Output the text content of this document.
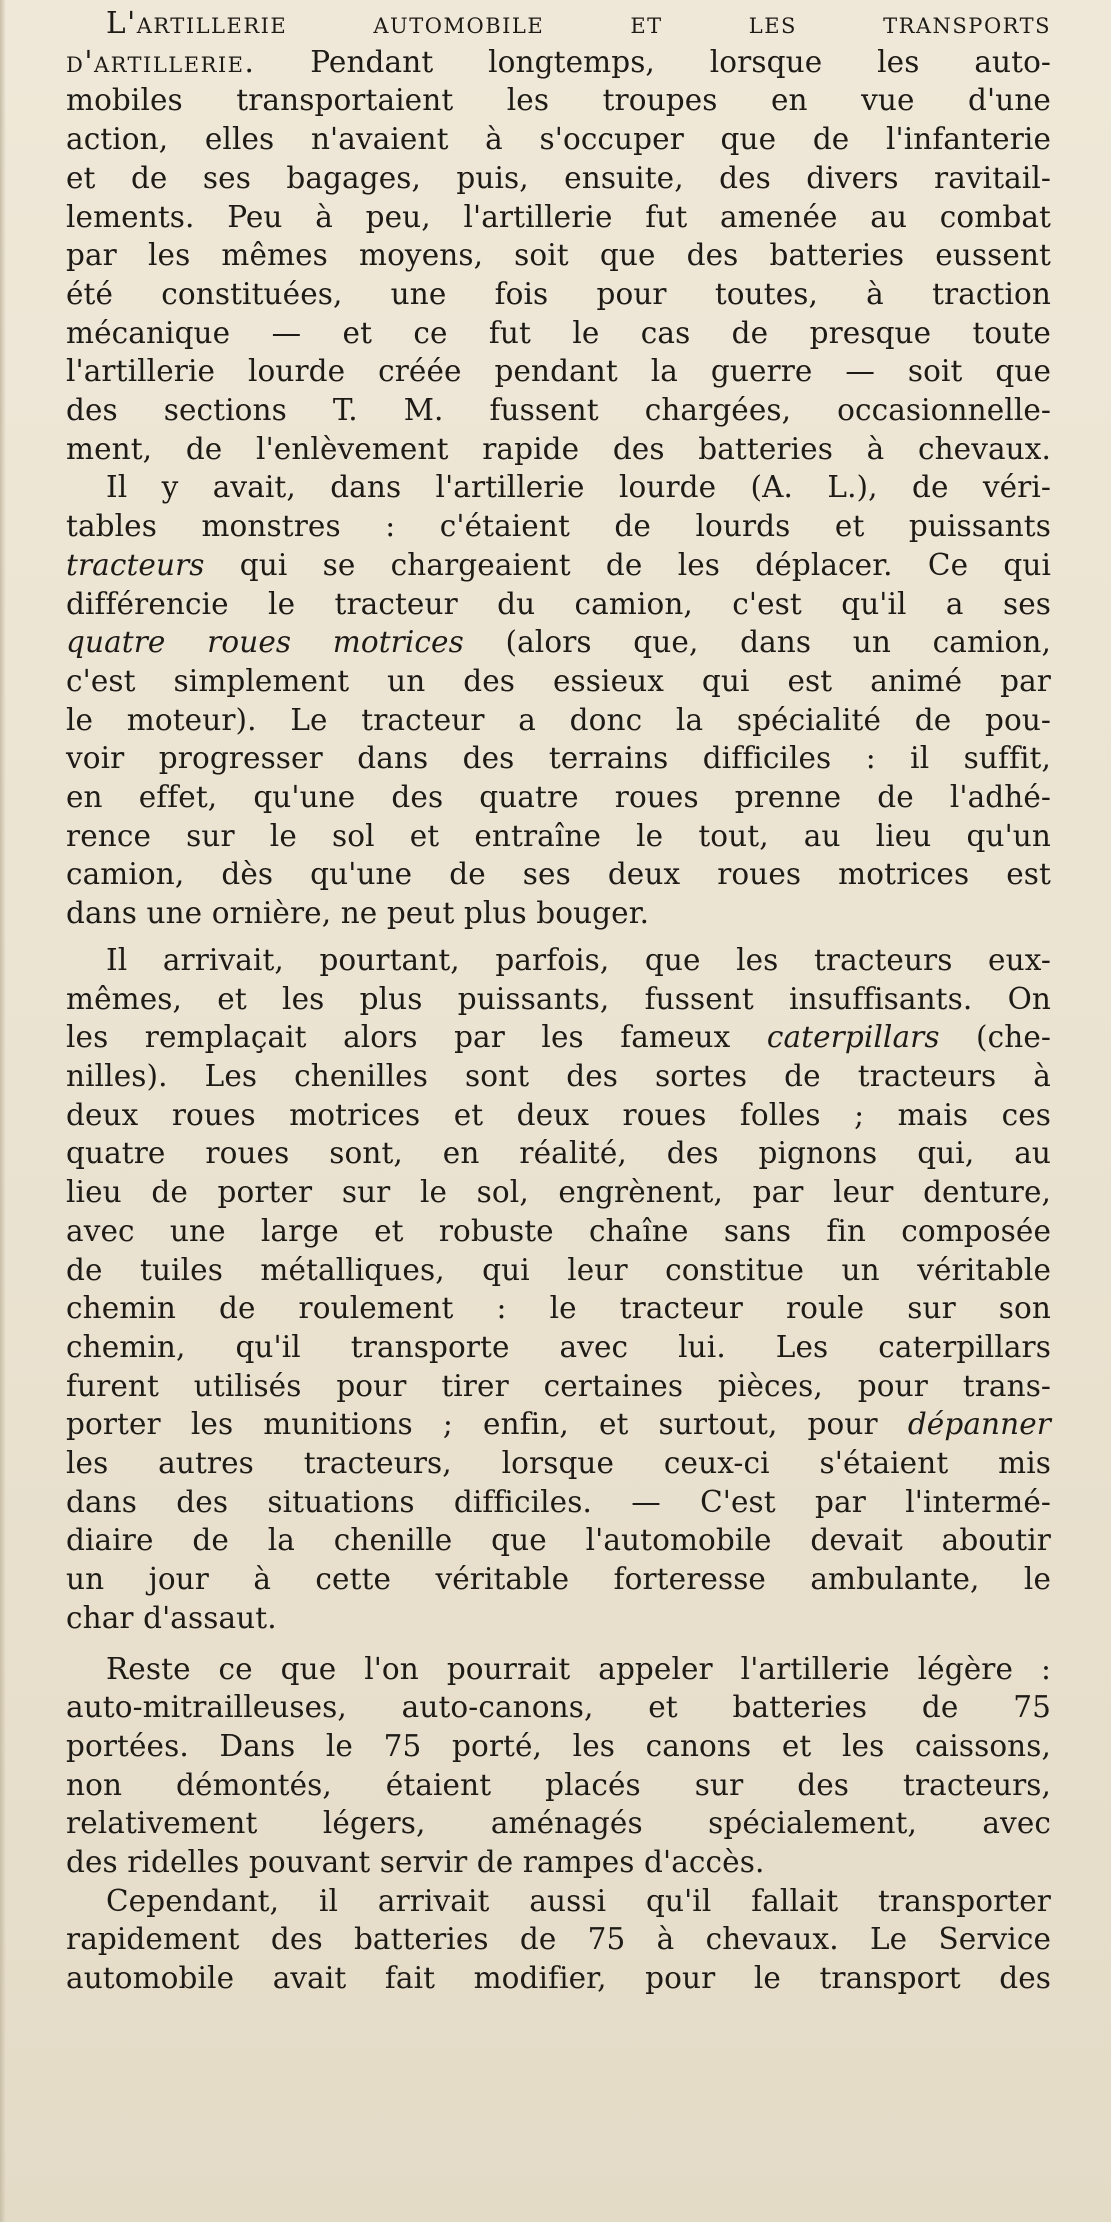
L'artillerie automobile et les transports
d'artillerie. Pendant longtemps, lorsque les auto-
mobiles transportaient les troupes en vue d'une
action, elles n'avaient à s'occuper que de l'infanterie
et de ses bagages, puis, ensuite, des divers ravitail-
lements. Peu à peu, l'artillerie fut amenée au combat
par les mêmes moyens, soit que des batteries eussent
été constituées, une fois pour toutes, à traction
mécanique — et ce fut le cas de presque toute
l'artillerie lourde créée pendant la guerre — soit que
des sections T. M. fussent chargées, occasionnelle-
ment, de l'enlèvement rapide des batteries à chevaux.
Il y avait, dans l'artillerie lourde (A. L.), de véri-
tables monstres : c'étaient de lourds et puissants
tracteurs qui se chargeaient de les déplacer. Ce qui
différencie le tracteur du camion, c'est qu'il a ses
quatre roues motrices (alors que, dans un camion,
c'est simplement un des essieux qui est animé par
le moteur). Le tracteur a donc la spécialité de pou-
voir progresser dans des terrains difficiles : il suffit,
en effet, qu'une des quatre roues prenne de l'adhé-
rence sur le sol et entraîne le tout, au lieu qu'un
camion, dès qu'une de ses deux roues motrices est
dans une ornière, ne peut plus bouger.
Il arrivait, pourtant, parfois, que les tracteurs eux-
mêmes, et les plus puissants, fussent insuffisants. On
les remplaçait alors par les fameux caterpillars (che-
nilles). Les chenilles sont des sortes de tracteurs à
deux roues motrices et deux roues folles ; mais ces
quatre roues sont, en réalité, des pignons qui, au
lieu de porter sur le sol, engrènent, par leur denture,
avec une large et robuste chaîne sans fin composée
de tuiles métalliques, qui leur constitue un véritable
chemin de roulement : le tracteur roule sur son
chemin, qu'il transporte avec lui. Les caterpillars
furent utilisés pour tirer certaines pièces, pour trans-
porter les munitions ; enfin, et surtout, pour dépanner
les autres tracteurs, lorsque ceux-ci s'étaient mis
dans des situations difficiles. — C'est par l'intermé-
diaire de la chenille que l'automobile devait aboutir
un jour à cette véritable forteresse ambulante, le
char d'assaut.
Reste ce que l'on pourrait appeler l'artillerie légère :
auto-mitrailleuses, auto-canons, et batteries de 75
portées. Dans le 75 porté, les canons et les caissons,
non démontés, étaient placés sur des tracteurs,
relativement légers, aménagés spécialement, avec
des ridelles pouvant servir de rampes d'accès.
Cependant, il arrivait aussi qu'il fallait transporter
rapidement des batteries de 75 à chevaux. Le Service
automobile avait fait modifier, pour le transport des
